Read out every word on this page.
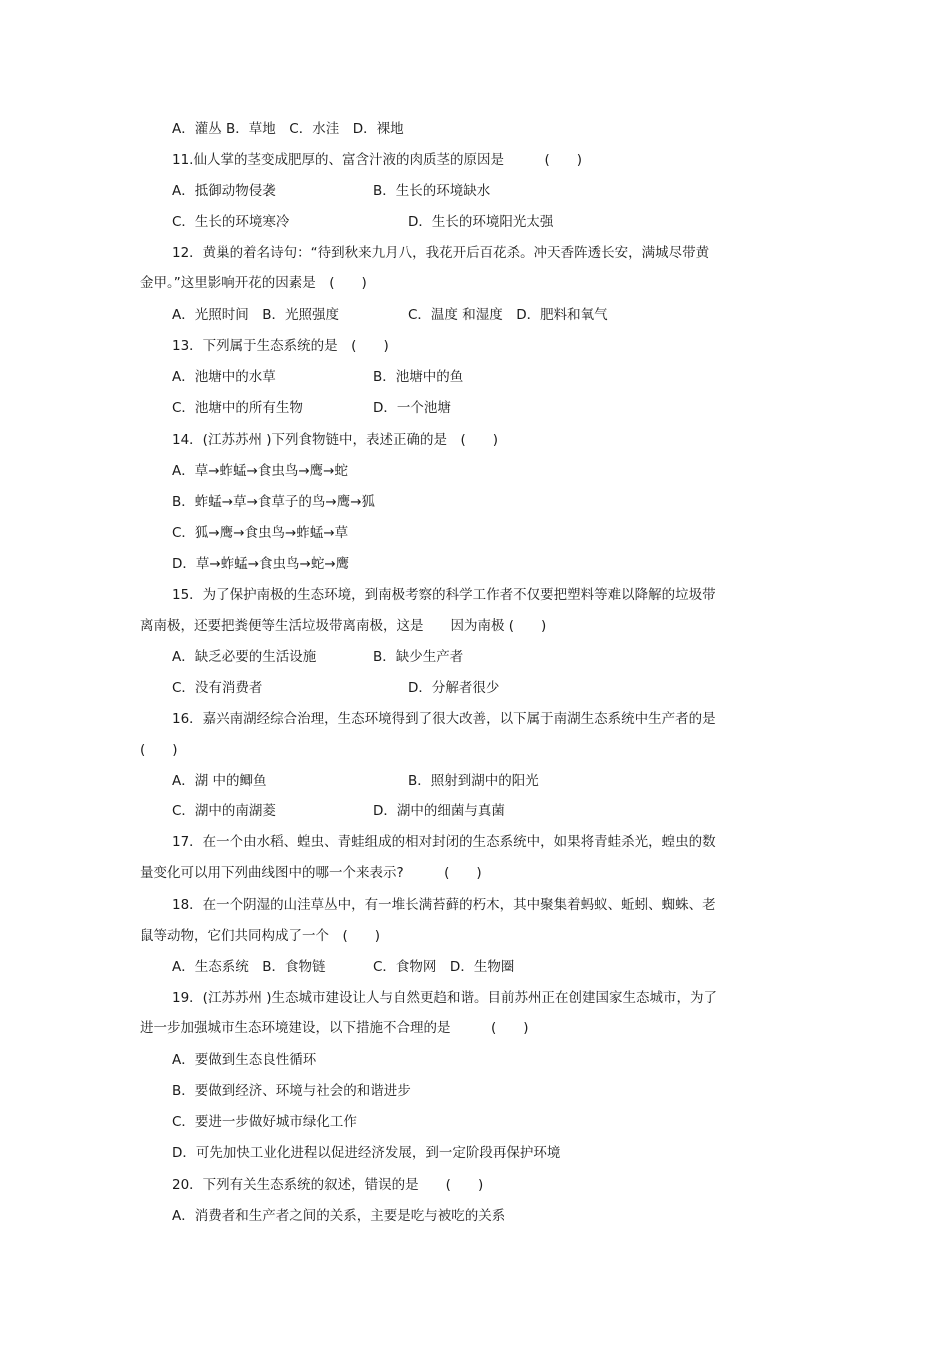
A．灌丛 B．草地　C．水洼　D．裸地
11.仙人掌的茎变成肥厚的、富含汁液的肉质茎的原因是　　　(　　)
A．抵御动物侵袭	B．生长的环境缺水
C．生长的环境寒冷	D．生长的环境阳光太强
12．黄巢的着名诗句：“待到秋来九月八，我花开后百花杀。冲天香阵透长安，满城尽带黄
金甲。”这里影响开花的因素是　(　　)
A．光照时间　B．光照强度	C．温度 和湿度　D．肥料和氧气
13．下列属于生态系统的是　(　　)
A．池塘中的水草	B．池塘中的鱼
C．池塘中的所有生物	D．一个池塘
14．(江苏苏州 )下列食物链中，表述正确的是　(　　)
A．草→蚱蜢→食虫鸟→鹰→蛇
B．蚱蜢→草→食草子的鸟→鹰→狐
C．狐→鹰→食虫鸟→蚱蜢→草
D．草→蚱蜢→食虫鸟→蛇→鹰
15．为了保护南极的生态环境，到南极考察的科学工作者不仅要把塑料等难以降解的垃圾带
离南极，还要把粪便等生活垃圾带离南极，这是　　因为南极 (　　)
A．缺乏必要的生活设施	B．缺少生产者
C．没有消费者	D．分解者很少
16．嘉兴南湖经综合治理，生态环境得到了很大改善，以下属于南湖生态系统中生产者的是
(　　)
A．湖 中的鲫鱼	B．照射到湖中的阳光
C．湖中的南湖菱	D．湖中的细菌与真菌
17．在一个由水稻、蝗虫、青蛙组成的相对封闭的生态系统中，如果将青蛙杀光，蝗虫的数
量变化可以用下列曲线图中的哪一个来表示?　　　(　　)
18．在一个阴湿的山洼草丛中，有一堆长满苔藓的朽木，其中聚集着蚂蚁、蚯蚓、蜘蛛、老
鼠等动物，它们共同构成了一个　(　　)
A．生态系统　B．食物链	C．食物网　D．生物圈
19．(江苏苏州 )生态城市建设让人与自然更趋和谐。目前苏州正在创建国家生态城市，为了
进一步加强城市生态环境建设，以下措施不合理的是　　　(　　)
A．要做到生态良性循环
B．要做到经济、环境与社会的和谐进步
C．要进一步做好城市绿化工作
D．可先加快工业化进程以促进经济发展，到一定阶段再保护环境
20．下列有关生态系统的叙述，错误的是　　(　　)
A．消费者和生产者之间的关系，主要是吃与被吃的关系
